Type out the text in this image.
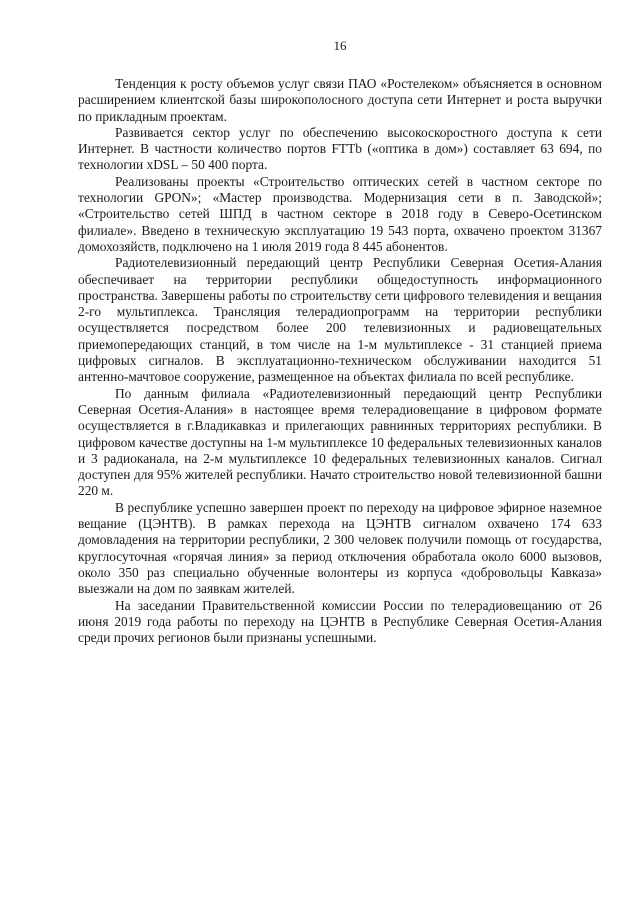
16

Тенденция к росту объемов услуг связи ПАО «Ростелеком» объясняется в основном расширением клиентской базы широкополосного доступа сети Интернет и роста выручки по прикладным проектам.

Развивается сектор услуг по обеспечению высокоскоростного доступа к сети Интернет. В частности количество портов FTTb («оптика в дом») составляет 63 694, по технологии xDSL – 50 400 порта.

Реализованы проекты «Строительство оптических сетей в частном секторе по технологии GPON»; «Мастер производства. Модернизация сети в п. Заводской»; «Строительство сетей ШПД в частном секторе в 2018 году в Северо-Осетинском филиале». Введено в техническую эксплуатацию 19 543 порта, охвачено проектом 31367 домохозяйств, подключено на 1 июля 2019 года 8 445 абонентов.

Радиотелевизионный передающий центр Республики Северная Осетия-Алания обеспечивает на территории республики общедоступность информационного пространства. Завершены работы по строительству сети цифрового телевидения и вещания 2-го мультиплекса. Трансляция телерадиопрограмм на территории республики осуществляется посредством более 200 телевизионных и радиовещательных приемопередающих станций, в том числе на 1-м мультиплексе - 31 станцией приема цифровых сигналов. В эксплуатационно-техническом обслуживании находится 51 антенно-мачтовое сооружение, размещенное на объектах филиала по всей республике.

По данным филиала «Радиотелевизионный передающий центр Республики Северная Осетия-Алания» в настоящее время телерадиовещание в цифровом формате осуществляется в г.Владикавказ и прилегающих равнинных территориях республики. В цифровом качестве доступны на 1-м мультиплексе 10 федеральных телевизионных каналов и 3 радиоканала, на 2-м мультиплексе 10 федеральных телевизионных каналов. Сигнал доступен для 95% жителей республики. Начато строительство новой телевизионной башни 220 м.

В республике успешно завершен проект по переходу на цифровое эфирное наземное вещание (ЦЭНТВ). В рамках перехода на ЦЭНТВ сигналом охвачено 174 633 домовладения на территории республики, 2 300 человек получили помощь от государства, круглосуточная «горячая линия» за период отключения обработала около 6000 вызовов, около 350 раз специально обученные волонтеры из корпуса «добровольцы Кавказа» выезжали на дом по заявкам жителей.

На заседании Правительственной комиссии России по телерадиовещанию от 26 июня 2019 года работы по переходу на ЦЭНТВ в Республике Северная Осетия-Алания среди прочих регионов были признаны успешными.
